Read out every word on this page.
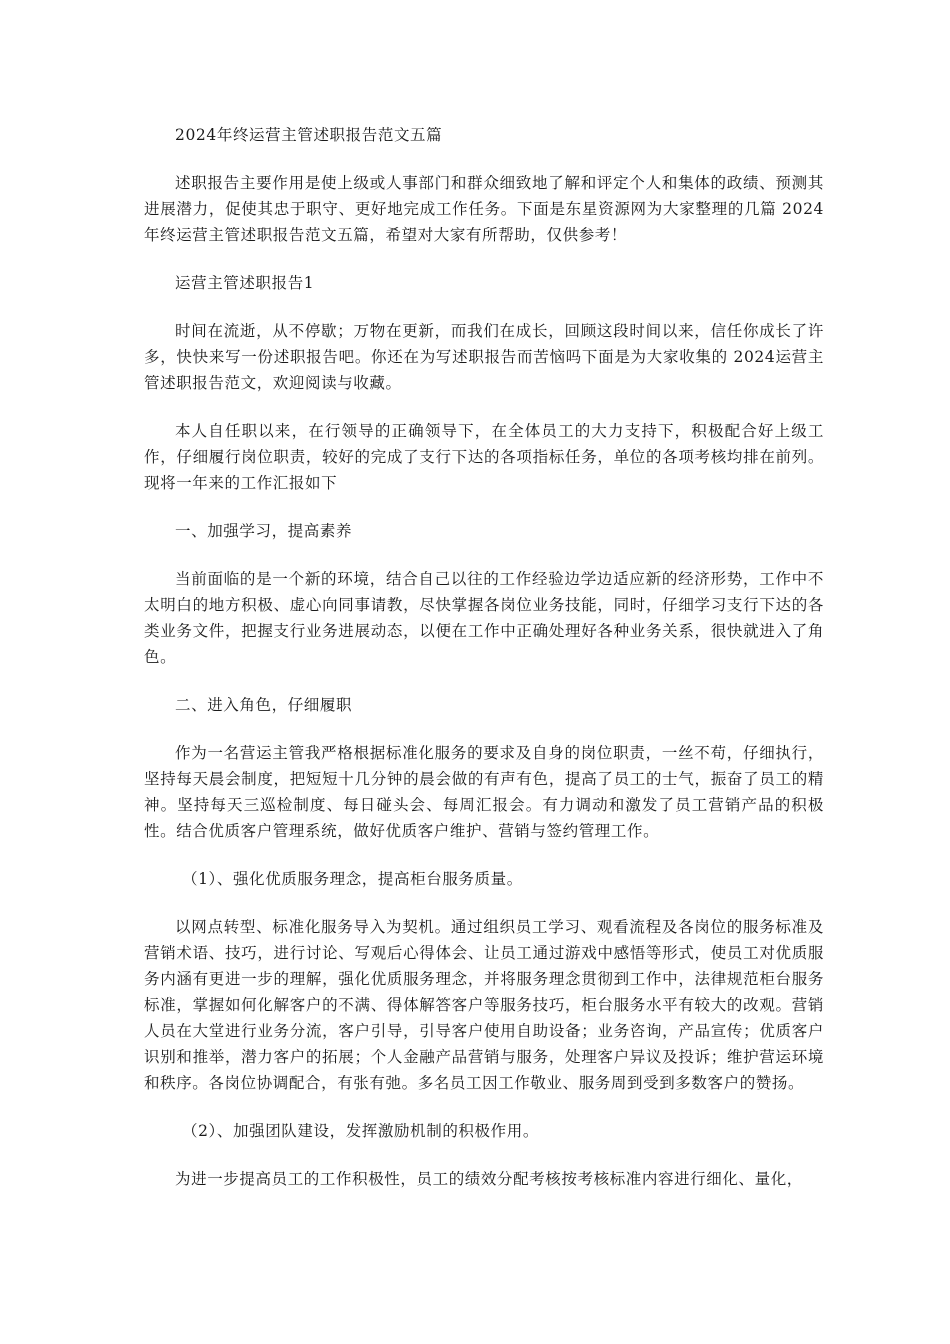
2024年终运营主管述职报告范文五篇

述职报告主要作用是使上级或人事部门和群众细致地了解和评定个人和集体的政绩、预测其进展潜力，促使其忠于职守、更好地完成工作任务。下面是东星资源网为大家整理的几篇 2024年终运营主管述职报告范文五篇，希望对大家有所帮助，仅供参考！

运营主管述职报告1

时间在流逝，从不停歇；万物在更新，而我们在成长，回顾这段时间以来，信任你成长了许多，快快来写一份述职报告吧。你还在为写述职报告而苦恼吗下面是为大家收集的 2024运营主管述职报告范文，欢迎阅读与收藏。

本人自任职以来，在行领导的正确领导下，在全体员工的大力支持下，积极配合好上级工作，仔细履行岗位职责，较好的完成了支行下达的各项指标任务，单位的各项考核均排在前列。现将一年来的工作汇报如下

一、加强学习，提高素养

当前面临的是一个新的环境，结合自己以往的工作经验边学边适应新的经济形势，工作中不太明白的地方积极、虚心向同事请教，尽快掌握各岗位业务技能，同时，仔细学习支行下达的各类业务文件，把握支行业务进展动态，以便在工作中正确处理好各种业务关系，很快就进入了角色。

二、进入角色，仔细履职

作为一名营运主管我严格根据标准化服务的要求及自身的岗位职责，一丝不苟，仔细执行，坚持每天晨会制度，把短短十几分钟的晨会做的有声有色，提高了员工的士气，振奋了员工的精神。坚持每天三巡检制度、每日碰头会、每周汇报会。有力调动和激发了员工营销产品的积极性。结合优质客户管理系统，做好优质客户维护、营销与签约管理工作。

（1）、强化优质服务理念，提高柜台服务质量。

以网点转型、标准化服务导入为契机。通过组织员工学习、观看流程及各岗位的服务标准及营销术语、技巧，进行讨论、写观后心得体会、让员工通过游戏中感悟等形式，使员工对优质服务内涵有更进一步的理解，强化优质服务理念，并将服务理念贯彻到工作中，法律规范柜台服务标准，掌握如何化解客户的不满、得体解答客户等服务技巧，柜台服务水平有较大的改观。营销人员在大堂进行业务分流，客户引导，引导客户使用自助设备；业务咨询，产品宣传；优质客户识别和推举，潜力客户的拓展；个人金融产品营销与服务，处理客户异议及投诉；维护营运环境和秩序。各岗位协调配合，有张有弛。多名员工因工作敬业、服务周到受到多数客户的赞扬。

（2）、加强团队建设，发挥激励机制的积极作用。

为进一步提高员工的工作积极性，员工的绩效分配考核按考核标准内容进行细化、量化，
